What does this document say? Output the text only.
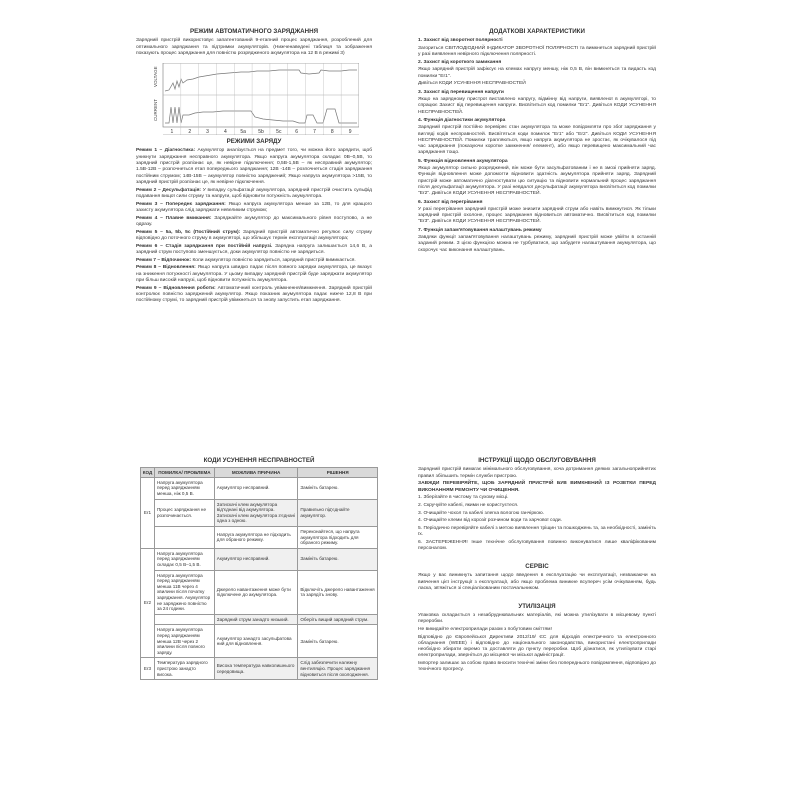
РЕЖИМ АВТОМАТИЧНОГО ЗАРЯДЖАННЯ

Зарядний пристрій використовує запатентований 9-етапний процес заряджання, розроблений для оптимального заряджання та підтримки акумуляторів. (Нижченаведені таблиця та зображення показують процес заряджання для повністю розрядженого акумулятора на 12 В в режимі 3)

VOLTAGE
CURRENT
1	2	3	4	5a 5b 5c	6	7	8	9

РЕЖИМИ ЗАРЯДУ

Режим 1 – Діагностика: Акумулятор аналізується на предмет того, чи можна його зарядити, щоб уникнути заряджання несправного акумулятора. Якщо напруга акумулятора складає 0В–0,5В, то зарядний пристрій розпізнає це, як невірне підключення; 0,5В-1,5В – як несправний акумулятор; 1.5В-12В – розпочнеться етап попереднього заряджання; 12В -14В – розпочнеться стадія заряджання постійним струмом; 14В-15В – акумулятор повністю заряджений; Якщо напруга акумулятора >15В, то зарядний пристрій розпізнає це, як невірне підключення.

Режим 2 – Десульфатація: У випадку сульфатації акумулятора, зарядний пристрій очистить сульфід подавання вищої сили струму та напруги, щоб відновити потужність акумулятора.

Режим 3 – Попереднє заряджання: Якщо напруга акумулятора менше за 12В, то для кращого захисту акумулятора слід заряджати невеликим струмом;

Режим 4 – Плавне вмикання: Заряджайте акумулятор до максимального рівня поступово, а не одразу.

Режим 5 – 5a, 5b, 5c (Постійний струм): Зарядний пристрій автоматично регулює силу струму відповідно до поточного струму в акумуляторі, що збільшує термін експлуатації акумулятора;

Режим 6 – Стадія заряджання при постійній напрузі. Зарядна напруга залишається 14,6 В, а зарядний струм поступово зменшується, доки акумулятор повністю не зарядиться.

Режим 7 – Відпочинок: Коли акумулятор повністю зарядиться, зарядний пристрій вимикається.

Режим 8 – Відновлення: Якщо напруга швидко падає після повного зарядки акумулятора, це вказує на зниження потужності акумулятора. У цьому випадку зарядний пристрій буде заряджати акумулятор при більш високій напрузі, щоб відновити потужність акумулятора.

Режим 9 – Відновлення роботи: Автоматичний контроль увімкнення/вимкнення. Зарядний пристрій контролює повністю заряджений акумулятор. Якщо показник акумулятора падає нижче 12,8 В при постійному струмі, то зарядний пристрій увімкнеться та знову запустить етап заряджання.

ДОДАТКОВІ ХАРАКТЕРИСТИКИ

1. Захист від зворотної полярності

Загориться СВІТЛОДІОДНИЙ ІНДИКАТОР ЗВОРОТНОЇ ПОЛЯРНОСТІ та вимкнеться зарядний пристрій у разі виявлення невірного підключення полярності.

2. Захист від короткого замикання

Якщо зарядний пристрій зафіксує на клемах напругу меншу, ніж 0,5 В, він вимкнеться та видасть код помилки "Er1".

Дивіться КОДИ УСУНЕННЯ НЕСПРАВНОСТЕЙ

3. Захист від перевищення напруги

Якщо на зарядному пристрої виставлено напругу, відмінну від напруги, виявленої в акумуляторі, то спрацює Захист від перевищення напруги. Висвітиться код помилки "Er1". Дивіться КОДИ УСУНЕННЯ НЕСПРАВНОСТЕЙ.

4. Функція діагностики акумулятора

Зарядний пристрій постійно перевіряє стан акумулятора та може повідомляти про збої заряджання у вигляді кодів несправностей. Висвітяться коди помилок "Er1" або "Er2". Дивіться КОДИ УСУНЕННЯ НЕСПРАВНОСТЕЙ. Помилки трапляються, якщо напруга акумулятора не зростає, як очікувалося під час заряджання (показуючи коротке замкнення/ елемент), або якщо перевищено максимальний час заряджання тощо.

5. Функція відновлення акумулятора

Якщо акумулятор сильно розряджений, він може бути засульфатованим і не в змозі прийняти заряд. Функція відновлення може допомогти відновити здатність акумулятора прийняти заряд. Зарядний пристрій може автоматично діагностувати цю ситуацію та відновити нормальний процес заряджання після десульфатації акумулятора. У разі невдалої десульфатації акумулятора висвітиться код помилки "Er2". Дивіться КОДИ УСУНЕННЯ НЕСПРАВНОСТЕЙ.

6. Захист від перегрівання

У разі перегрівання зарядний пристрій може знизити зарядний струм або навіть вимкнутися. Як тільки зарядний пристрій охолоне, процес заряджання відновиться автоматично. Висвітиться код помилки "Er3". Дивіться КОДИ УСУНЕННЯ НЕСПРАВНОСТЕЙ.

7. Функція запам'ятовування налаштувань режиму

Завдяки функції запам'ятовування налаштувань режиму, зарядний пристрій може увійти в останній заданий режим. З цією функцією можна не турбуватися, що забудете налаштування акумулятора, що скорочує час виконання налаштувань.

КОДИ УСУНЕННЯ НЕСПРАВНОСТЕЙ

КОД	ПОМИЛКА/ ПРОБЛЕМА	МОЖЛИВА ПРИЧИНА	РІШЕННЯ
Er1	Напруга акумулятора перед заряджанням менша, ніж 0,5 В.	Акумулятор несправний.	Замініть батарею.
	Процес заряджання не розпочинається.	Затискачі клем акумулятора від'єднані від акумулятора. Затискачі клем акумулятора з'єднані одна з одною.	Правильно під'єднайте акумулятор.
		Напруга акумулятора не підходить для обраного режиму.	Переконайтеся, що напруга акумулятора підходить для обраного режиму.
Er2	Напруга акумулятора перед заряджанням складає 0,5 В–1,5 В.	Акумулятор несправний.	Замініть батарею.
	Напруга акумулятора перед заряджанням менша 11В через 4 хвилини після початку заряджання. Акумулятор не заряджено повністю за 24 години.	Джерело навантаження може бути підключене до акумулятора.	Відключіть джерело навантаження та зарядіть знову.
		Зарядний струм занадто низький.	Оберіть вищий зарядний струм.
	Напруга акумулятора перед заряджанням менша 12В через 2 хвилини після повного заряду.	Акумулятор занадто засульфатова ний для відновлення.	Замініть батарею.
Er3	Температура зарядного пристрою занадто висока.	Висока температура навколишнього середовища.	Слід забезпечити належну вентиляцію. Процес заряджання відновиться після охолодження.

ІНСТРУКЦІЇ ЩОДО ОБСЛУГОВУВАННЯ

Зарядний пристрій вимагає мінімального обслуговування, хоча дотримання деяких загальноприйнятих правил збільшить термін служби пристрою.

ЗАВЖДИ ПЕРЕВІРЯЙТЕ, ЩОБ ЗАРЯДНИЙ ПРИСТРІЙ БУВ ВИМКНЕНИЙ ІЗ РОЗЕТКИ ПЕРЕД ВИКОНАННЯМ РЕМОНТУ ЧИ ОЧИЩЕННЯ.

1. Зберігайте в чистому та сухому місці.

2. Скручуйте кабелі, якими не користуєтеся.

3. Очищайте чохол та кабелі злегка вологою ганчіркою.

4. Очищайте клеми від корозії розчином води та харчової соди.

5. Періодично перевіряйте кабелі з метою виявлення тріщин та пошкоджень та, за необхідності, замініть їх.

6. ЗАСТЕРЕЖЕННЯ! Інше технічне обслуговування повинно виконуватися лише кваліфікованим персоналом.

СЕРВІС

Якщо у вас виникнуть запитання щодо введення в експлуатацію чи експлуатації, незважаючи на вивчення цієї інструкції з експлуатації, або якщо проблема виникне всупереч усім очікуванням, будь ласка, зв'яжіться зі спеціалізованим постачальником.

УТИЛІЗАЦІЯ

Упаковка складається з незабруднювальних матеріалів, які можна утилізувати в місцевому пункті переробки.

Не викидайте електроприлади разом з побутовим сміттям!

Відповідно до Європейської Директиви 2012/19/ ЄС для відходів електричного та електронного обладнання (WEEE) і відповідно до національного законодавства, використані електроприлади необхідно збирати окремо та доставляти до пункту переробки. Щоб дізнатися, як утилізувати старі електроприлади, зверніться до місцевої чи міської адміністрації.

Імпортер залишає за собою право вносити технічні зміни без попереднього повідомлення, відповідно до технічного прогресу.
